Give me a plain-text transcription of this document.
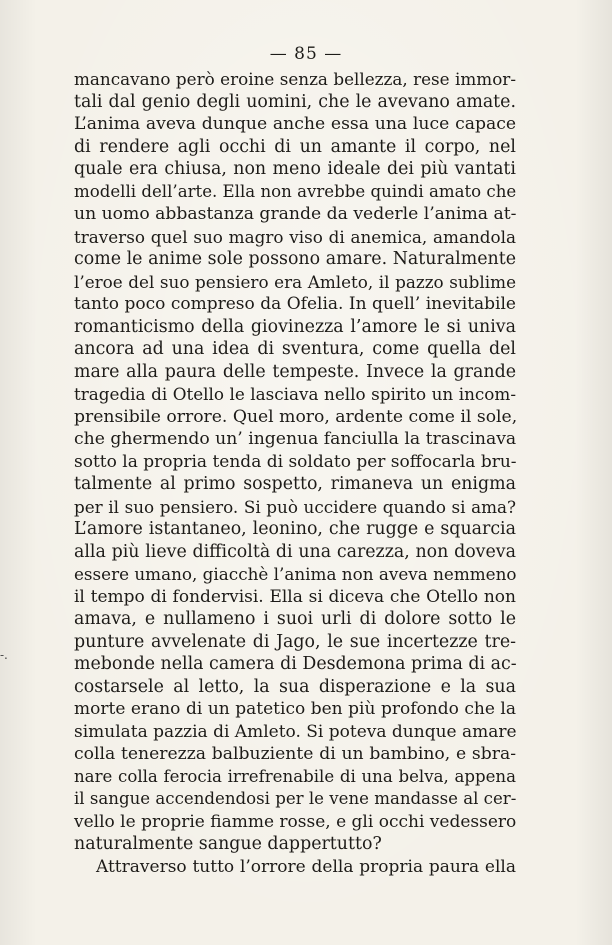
— 85 —
-.
mancavano però eroine senza bellezza, rese immor-
tali dal genio degli uomini, che le avevano amate.
L’anima aveva dunque anche essa una luce capace
di rendere agli occhi di un amante il corpo, nel
quale era chiusa, non meno ideale dei più vantati
modelli dell’arte. Ella non avrebbe quindi amato che
un uomo abbastanza grande da vederle l’anima at-
traverso quel suo magro viso di anemica, amandola
come le anime sole possono amare. Naturalmente
l’eroe del suo pensiero era Amleto, il pazzo sublime
tanto poco compreso da Ofelia. In quell’ inevitabile
romanticismo della giovinezza l’amore le si univa
ancora ad una idea di sventura, come quella del
mare alla paura delle tempeste. Invece la grande
tragedia di Otello le lasciava nello spirito un incom-
prensibile orrore. Quel moro, ardente come il sole,
che ghermendo un’ ingenua fanciulla la trascinava
sotto la propria tenda di soldato per soffocarla bru-
talmente al primo sospetto, rimaneva un enigma
per il suo pensiero. Si può uccidere quando si ama?
L’amore istantaneo, leonino, che rugge e squarcia
alla più lieve difficoltà di una carezza, non doveva
essere umano, giacchè l’anima non aveva nemmeno
il tempo di fondervisi. Ella si diceva che Otello non
amava, e nullameno i suoi urli di dolore sotto le
punture avvelenate di Jago, le sue incertezze tre-
mebonde nella camera di Desdemona prima di ac-
costarsele al letto, la sua disperazione e la sua
morte erano di un patetico ben più profondo che la
simulata pazzia di Amleto. Si poteva dunque amare
colla tenerezza balbuziente di un bambino, e sbra-
nare colla ferocia irrefrenabile di una belva, appena
il sangue accendendosi per le vene mandasse al cer-
vello le proprie fiamme rosse, e gli occhi vedessero
naturalmente sangue dappertutto?
Attraverso tutto l’orrore della propria paura ella
